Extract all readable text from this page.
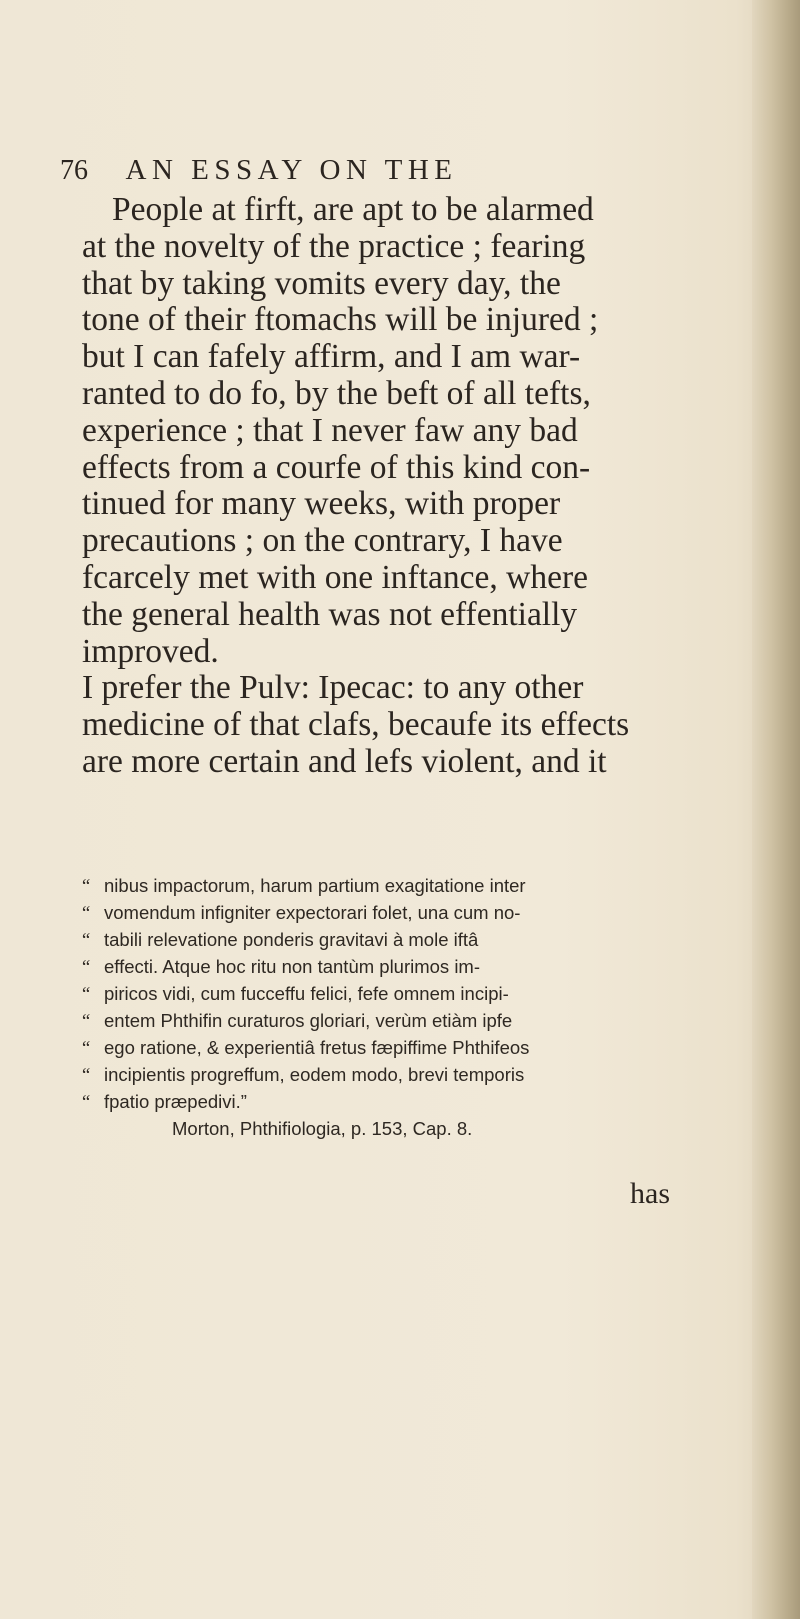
76 AN ESSAY ON THE
People at firft, are apt to be alarmed
at the novelty of the practice ; fearing
that by taking vomits every day, the
tone of their ftomachs will be injured ;
but I can fafely affirm, and I am war-
ranted to do fo, by the beft of all tefts,
experience ; that I never faw any bad
effects from a courfe of this kind con-
tinued for many weeks, with proper
precautions ; on the contrary, I have
fcarcely met with one inftance, where
the general health was not effentially
improved.
I prefer the Pulv: Ipecac: to any other
medicine of that clafs, becaufe its effects
are more certain and lefs violent, and it
“ nibus impactorum, harum partium exagitatione inter
“ vomendum infigniter expectorari folet, una cum no-
“ tabili relevatione ponderis gravitavi à mole iftâ
“ effecti. Atque hoc ritu non tantùm plurimos im-
“ piricos vidi, cum fucceffu felici, fefe omnem incipi-
“ entem Phthifin curaturos gloriari, verùm etiàm ipfe
“ ego ratione, & experientiâ fretus fæpiffime Phthifeos
“ incipientis progreffum, eodem modo, brevi temporis
“ fpatio præpedivi.”
Morton, Phthifiologia, p. 153, Cap. 8.
has
